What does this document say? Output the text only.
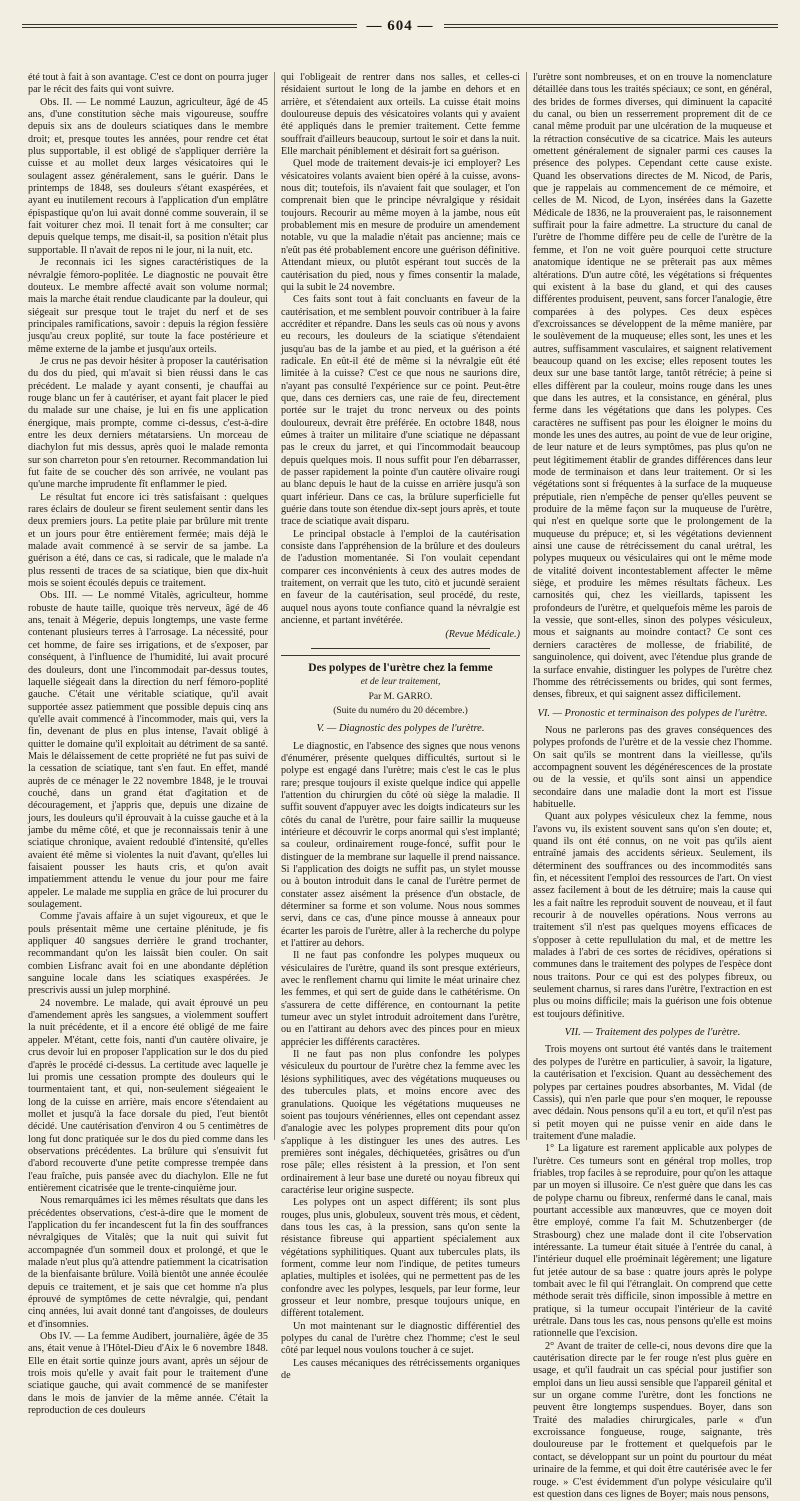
— 604 —

été tout à fait à son avantage. C'est ce dont on pourra juger par le récit des faits qui vont suivre.

Obs. II. — Le nommé Lauzun, agriculteur, âgé de 45 ans, d'une constitution sèche mais vigoureuse, souffre depuis six ans de douleurs sciatiques dans le membre droit; et, presque toutes les années, pour rendre cet état plus supportable, il est obligé de s'appliquer derrière la cuisse et au mollet deux larges vésicatoires qui le soulagent assez généralement, sans le guérir. Dans le printemps de 1848, ses douleurs s'étant exaspérées, et ayant eu inutilement recours à l'application d'un emplâtre épispastique qu'on lui avait donné comme souverain, il se fait voiturer chez moi. Il tenait fort à me consulter; car depuis quelque temps, me disait-il, sa position n'était plus supportable. Il n'avait de repos ni le jour, ni la nuit, etc.

Je reconnais ici les signes caractéristiques de la névralgie fémoro-poplitée. Le diagnostic ne pouvait être douteux. Le membre affecté avait son volume normal; mais la marche était rendue claudicante par la douleur, qui siégeait sur presque tout le trajet du nerf et de ses principales ramifications, savoir : depuis la région fessière jusqu'au creux poplité, sur toute la face postérieure et même externe de la jambe et jusqu'aux orteils.

Je crus ne pas devoir hésiter à proposer la cautérisation du dos du pied, qui m'avait si bien réussi dans le cas précédent. Le malade y ayant consenti, je chauffai au rouge blanc un fer à cautériser, et ayant fait placer le pied du malade sur une chaise, je lui en fis une application énergique, mais prompte, comme ci-dessus, c'est-à-dire entre les deux derniers métatarsiens. Un morceau de diachylon fut mis dessus, après quoi le malade remonta sur son charreton pour s'en retourner. Recommandation lui fut faite de se coucher dès son arrivée, ne voulant pas qu'une marche imprudente fît enflammer le pied.

Le résultat fut encore ici très satisfaisant : quelques rares éclairs de douleur se firent seulement sentir dans les deux premiers jours. La petite plaie par brûlure mit trente et un jours pour être entièrement fermée; mais déjà le malade avait commencé à se servir de sa jambe. La guérison a été, dans ce cas, si radicale, que le malade n'a plus ressenti de traces de sa sciatique, bien que dix-huit mois se soient écoulés depuis ce traitement.

Obs. III. — Le nommé Vitalès, agriculteur, homme robuste de haute taille, quoique très nerveux, âgé de 46 ans, tenait à Mégerie, depuis longtemps, une vaste ferme contenant plusieurs terres à l'arrosage. La nécessité, pour cet homme, de faire ses irrigations, et de s'exposer, par conséquent, à l'influence de l'humidité, lui avait procuré des douleurs, dont une l'incommodait par-dessus toutes, laquelle siégeait dans la direction du nerf fémoro-poplité gauche. C'était une véritable sciatique, qu'il avait supportée assez patiemment que possible depuis cinq ans qu'elle avait commencé à l'incommoder, mais qui, vers la fin, devenant de plus en plus intense, l'avait obligé à quitter le domaine qu'il exploitait au détriment de sa santé. Mais le délaissement de cette propriété ne fut pas suivi de la cessation de sciatique, tant s'en faut. En effet, mandé auprès de ce ménager le 22 novembre 1848, je le trouvai couché, dans un grand état d'agitation et de découragement, et j'appris que, depuis une dizaine de jours, les douleurs qu'il éprouvait à la cuisse gauche et à la jambe du même côté, et que je reconnaissais tenir à une sciatique chronique, avaient redoublé d'intensité, qu'elles avaient été même si violentes la nuit d'avant, qu'elles lui faisaient pousser les hauts cris, et qu'on avait impatiemment attendu le venue du jour pour me faire appeler. Le malade me supplia en grâce de lui procurer du soulagement.

Comme j'avais affaire à un sujet vigoureux, et que le pouls présentait même une certaine plénitude, je fis appliquer 40 sangsues derrière le grand trochanter, recommandant qu'on les laissât bien couler. On sait combien Lisfranc avait foi en une abondante déplétion sanguine locale dans les sciatiques exaspérées. Je prescrivis aussi un julep morphiné.

24 novembre. Le malade, qui avait éprouvé un peu d'amendement après les sangsues, a violemment souffert la nuit précédente, et il a encore été obligé de me faire appeler. M'étant, cette fois, nanti d'un cautère olivaire, je crus devoir lui en proposer l'application sur le dos du pied d'après le procédé ci-dessus. La certitude avec laquelle je lui promis une cessation prompte des douleurs qui le tourmentaient tant, et qui, non-seulement siégeaient le long de la cuisse en arrière, mais encore s'étendaient au mollet et jusqu'à la face dorsale du pied, l'eut bientôt décidé. Une cautérisation d'environ 4 ou 5 centimètres de long fut donc pratiquée sur le dos du pied comme dans les observations précédentes. La brûlure qui s'ensuivit fut d'abord recouverte d'une petite compresse trempée dans l'eau fraîche, puis pansée avec du diachylon. Elle ne fut entièrement cicatrisée que le trente-cinquième jour.

Nous remarquâmes ici les mêmes résultats que dans les précédentes observations, c'est-à-dire que le moment de l'application du fer incandescent fut la fin des souffrances névralgiques de Vitalès; que la nuit qui suivit fut accompagnée d'un sommeil doux et prolongé, et que le malade n'eut plus qu'à attendre patiemment la cicatrisation de la bienfaisante brûlure. Voilà bientôt une année écoulée depuis ce traitement, et je sais que cet homme n'a plus éprouvé de symptômes de cette névralgie, qui, pendant cinq années, lui avait donné tant d'angoisses, de douleurs et d'insomnies.

Obs IV. — La femme Audibert, journalière, âgée de 35 ans, était venue à l'Hôtel-Dieu d'Aix le 6 novembre 1848. Elle en était sortie quinze jours avant, après un séjour de trois mois qu'elle y avait fait pour le traitement d'une sciatique gauche, qui avait commencé de se manifester dans le mois de janvier de la même année. C'était la reproduction de ces douleurs

qui l'obligeait de rentrer dans nos salles, et celles-ci résidaient surtout le long de la jambe en dehors et en arrière, et s'étendaient aux orteils. La cuisse était moins douloureuse depuis des vésicatoires volants qui y avaient été appliqués dans le premier traitement. Cette femme souffrait d'ailleurs beaucoup, surtout le soir et dans la nuit. Elle marchait péniblement et désirait fort sa guérison.

Quel mode de traitement devais-je ici employer? Les vésicatoires volants avaient bien opéré à la cuisse, avons-nous dit; toutefois, ils n'avaient fait que soulager, et l'on comprenait bien que le principe névralgique y résidait toujours. Recourir au même moyen à la jambe, nous eût probablement mis en mesure de produire un amendement notable, vu que la maladie n'était pas ancienne; mais ce n'eût pas été probablement encore une guérison définitive. Attendant mieux, ou plutôt espérant tout succès de la cautérisation du pied, nous y fîmes consentir la malade, qui la subit le 24 novembre.

Ces faits sont tout à fait concluants en faveur de la cautérisation, et me semblent pouvoir contribuer à la faire accréditer et répandre. Dans les seuls cas où nous y avons eu recours, les douleurs de la sciatique s'étendaient jusqu'au bas de la jambe et au pied, et la guérison a été radicale. En eût-il été de même si la névralgie eût été limitée à la cuisse? C'est ce que nous ne saurions dire, n'ayant pas consulté l'expérience sur ce point. Peut-être que, dans ces derniers cas, une raie de feu, directement portée sur le trajet du tronc nerveux ou des points douloureux, devrait être préférée. En octobre 1848, nous eûmes à traiter un militaire d'une sciatique ne dépassant pas le creux du jarret, et qui l'incommodait beaucoup depuis quelques mois. Il nous suffit pour l'en débarrasser, de passer rapidement la pointe d'un cautère olivaire rougi au blanc depuis le haut de la cuisse en arrière jusqu'à son quart inférieur. Dans ce cas, la brûlure superficielle fut guérie dans toute son étendue dix-sept jours après, et toute trace de sciatique avait disparu.

Le principal obstacle à l'emploi de la cautérisation consiste dans l'appréhension de la brûlure et des douleurs de l'adustion momentanée. Si l'on voulait cependant comparer ces inconvénients à ceux des autres modes de traitement, on verrait que les tuto, citò et jucundè seraient en faveur de la cautérisation, seul procédé, du reste, auquel nous ayons toute confiance quand la névralgie est ancienne, et partant invétérée.

(Revue Médicale.)
Des polypes de l'urètre chez la femme
et de leur traitement,
Par M. GARRO.
(Suite du numéro du 20 décembre.)
V. — Diagnostic des polypes de l'urètre.

Le diagnostic, en l'absence des signes que nous venons d'énumérer, présente quelques difficultés, surtout si le polype est engagé dans l'urètre; mais c'est le cas le plus rare; presque toujours il existe quelque indice qui appelle l'attention du chirurgien du côté où siège la maladie. Il suffit souvent d'appuyer avec les doigts indicateurs sur les côtés du canal de l'urètre, pour faire saillir la muqueuse intérieure et découvrir le corps anormal qui s'est implanté; sa couleur, ordinairement rouge-foncé, suffit pour le distinguer de la membrane sur laquelle il prend naissance. Si l'application des doigts ne suffit pas, un stylet mousse ou à bouton introduit dans le canal de l'urètre permet de constater assez aisément la présence d'un obstacle, de déterminer sa forme et son volume. Nous nous sommes servi, dans ce cas, d'une pince mousse à anneaux pour écarter les parois de l'urètre, aller à la recherche du polype et l'attirer au dehors.

Il ne faut pas confondre les polypes muqueux ou vésiculaires de l'urètre, quand ils sont presque extérieurs, avec le renflement charnu qui limite le méat urinaire chez les femmes, et qui sert de guide dans le cathétérisme. On s'assurera de cette différence, en contournant la petite tumeur avec un stylet introduit adroitement dans l'urètre, ou en l'attirant au dehors avec des pinces pour en mieux apprécier les différents caractères.

Il ne faut pas non plus confondre les polypes vésiculeux du pourtour de l'urètre chez la femme avec les lésions syphilitiques, avec des végétations muqueuses ou des tubercules plats, et moins encore avec des granulations. Quoique les végétations muqueuses ne soient pas toujours vénériennes, elles ont cependant assez d'analogie avec les polypes proprement dits pour qu'on s'applique à les distinguer les unes des autres. Les premières sont inégales, déchiquetées, grisâtres ou d'un rose pâle; elles résistent à la pression, et l'on sent ordinairement à leur base une dureté ou noyau fibreux qui caractérise leur origine suspecte.

Les polypes ont un aspect différent; ils sont plus rouges, plus unis, globuleux, souvent très mous, et cèdent, dans tous les cas, à la pression, sans qu'on sente la résistance fibreuse qui appartient spécialement aux végétations syphilitiques. Quant aux tubercules plats, ils forment, comme leur nom l'indique, de petites tumeurs aplaties, multiples et isolées, qui ne permettent pas de les confondre avec les polypes, lesquels, par leur forme, leur grosseur et leur nombre, presque toujours unique, en diffèrent totalement.

Un mot maintenant sur le diagnostic différentiel des polypes du canal de l'urètre chez l'homme; c'est le seul côté par lequel nous voulons toucher à ce sujet.

Les causes mécaniques des rétrécissements organiques de

l'urètre sont nombreuses, et on en trouve la nomenclature détaillée dans tous les traités spéciaux; ce sont, en général, des brides de formes diverses, qui diminuent la capacité du canal, ou bien un resserrement proprement dit de ce canal même produit par une ulcération de la muqueuse et la rétraction consécutive de sa cicatrice. Mais les auteurs omettent généralement de signaler parmi ces causes la présence des polypes. Cependant cette cause existe. Quand les observations directes de M. Nicod, de Paris, que je rappelais au commencement de ce mémoire, et celles de M. Nicod, de Lyon, insérées dans la Gazette Médicale de 1836, ne la prouveraient pas, le raisonnement suffirait pour la faire admettre. La structure du canal de l'urètre de l'homme diffère peu de celle de l'urètre de la femme, et l'on ne voit guère pourquoi cette structure anatomique identique ne se prêterait pas aux mêmes altérations. D'un autre côté, les végétations si fréquentes qui existent à la base du gland, et qui des causes différentes produisent, peuvent, sans forcer l'analogie, être comparées à des polypes. Ces deux espèces d'excroissances se développent de la même manière, par le soulèvement de la muqueuse; elles sont, les unes et les autres, suffisamment vasculaires, et saignent relativement beaucoup quand on les excise; elles reposent toutes les deux sur une base tantôt large, tantôt rétrécie; à peine si elles diffèrent par la couleur, moins rouge dans les unes que dans les autres, et la consistance, en général, plus ferme dans les végétations que dans les polypes. Ces caractères ne suffisent pas pour les éloigner le moins du monde les unes des autres, au point de vue de leur origine, de leur nature et de leurs symptômes, pas plus qu'on ne peut légitimement établir de grandes différences dans leur mode de terminaison et dans leur traitement. Or si les végétations sont si fréquentes à la surface de la muqueuse préputiale, rien n'empêche de penser qu'elles peuvent se produire de la même façon sur la muqueuse de l'urètre, qui n'est en quelque sorte que le prolongement de la muqueuse du prépuce; et, si les végétations deviennent ainsi une cause de rétrécissement du canal urétral, les polypes muqueux ou vésiculaires qui ont le même mode de vitalité doivent incontestablement affecter le même siège, et produire les mêmes résultats fâcheux. Les carnosités qui, chez les vieillards, tapissent les profondeurs de l'urètre, et quelquefois même les parois de la vessie, que sont-elles, sinon des polypes vésiculeux, mous et saignants au moindre contact? Ce sont ces derniers caractères de mollesse, de friabilité, de sanguinolence, qui doivent, avec l'étendue plus grande de la surface envahie, distinguer les polypes de l'urètre chez l'homme des rétrécissements ou brides, qui sont fermes, denses, fibreux, et qui saignent assez difficilement.

VI. — Pronostic et terminaison des polypes de l'urètre.

Nous ne parlerons pas des graves conséquences des polypes profonds de l'urètre et de la vessie chez l'homme. On sait qu'ils se montrent dans la vieillesse, qu'ils accompagnent souvent les dégénérescences de la prostate ou de la vessie, et qu'ils sont ainsi un appendice secondaire dans une maladie dont la mort est l'issue habituelle.

Quant aux polypes vésiculeux chez la femme, nous l'avons vu, ils existent souvent sans qu'on s'en doute; et, quand ils ont été connus, on ne voit pas qu'ils aient entraîné jamais des accidents sérieux. Seulement, ils déterminent des souffrances ou des incommodités sans fin, et nécessitent l'emploi des ressources de l'art. On viest assez facilement à bout de les détruire; mais la cause qui les a fait naître les reproduit souvent de nouveau, et il faut recourir à de nouvelles opérations. Nous verrons au traitement s'il n'est pas quelques moyens efficaces de s'opposer à cette repullulation du mal, et de mettre les malades à l'abri de ces sortes de récidives, opérations si communes dans le traitement des polypes de l'espèce dont nous traitons. Pour ce qui est des polypes fibreux, ou seulement charnus, si rares dans l'urètre, l'extraction en est plus ou moins difficile; mais la guérison une fois obtenue est toujours définitive.

VII. — Traitement des polypes de l'urètre.

Trois moyens ont surtout été vantés dans le traitement des polypes de l'urètre en particulier, à savoir, la ligature, la cautérisation et l'excision. Quant au dessèchement des polypes par certaines poudres absorbantes, M. Vidal (de Cassis), qui n'en parle que pour s'en moquer, le repousse avec dédain. Nous pensons qu'il a eu tort, et qu'il n'est pas si petit moyen qui ne puisse venir en aide dans le traitement d'une maladie.

1° La ligature est rarement applicable aux polypes de l'urètre. Ces tumeurs sont en général trop molles, trop friables, trop faciles à se reproduire, pour qu'on les attaque par un moyen si illusoire. Ce n'est guère que dans les cas de polype charnu ou fibreux, renfermé dans le canal, mais pourtant accessible aux manœuvres, que ce moyen doit être employé, comme l'a fait M. Schutzenberger (de Strasbourg) chez une malade dont il cite l'observation intéressante. La tumeur était située à l'entrée du canal, à l'intérieur duquel elle proéminait légèrement; une ligature fut jetée autour de sa base : quatre jours après le polype tombait avec le fil qui l'étranglait. On comprend que cette méthode serait très difficile, sinon impossible à mettre en pratique, si la tumeur occupait l'intérieur de la cavité urétrale. Dans tous les cas, nous pensons qu'elle est moins rationnelle que l'excision.

2° Avant de traiter de celle-ci, nous devons dire que la cautérisation directe par le fer rouge n'est plus guère en usage, et qu'il faudrait un cas spécial pour justifier son emploi dans un lieu aussi sensible que l'appareil génital et sur un organe comme l'urètre, dont les fonctions ne peuvent être longtemps suspendues. Boyer, dans son Traité des maladies chirurgicales, parle « d'un excroissance fongueuse, rouge, saignante, très douloureuse par le frottement et quelquefois par le contact, se développant sur un point du pourtour du méat urinaire de la femme, et qui doit être cautérisée avec le fer rouge. » C'est évidemment d'un polype vésiculaire qu'il est question dans ces lignes de Boyer; mais nous pensons,
